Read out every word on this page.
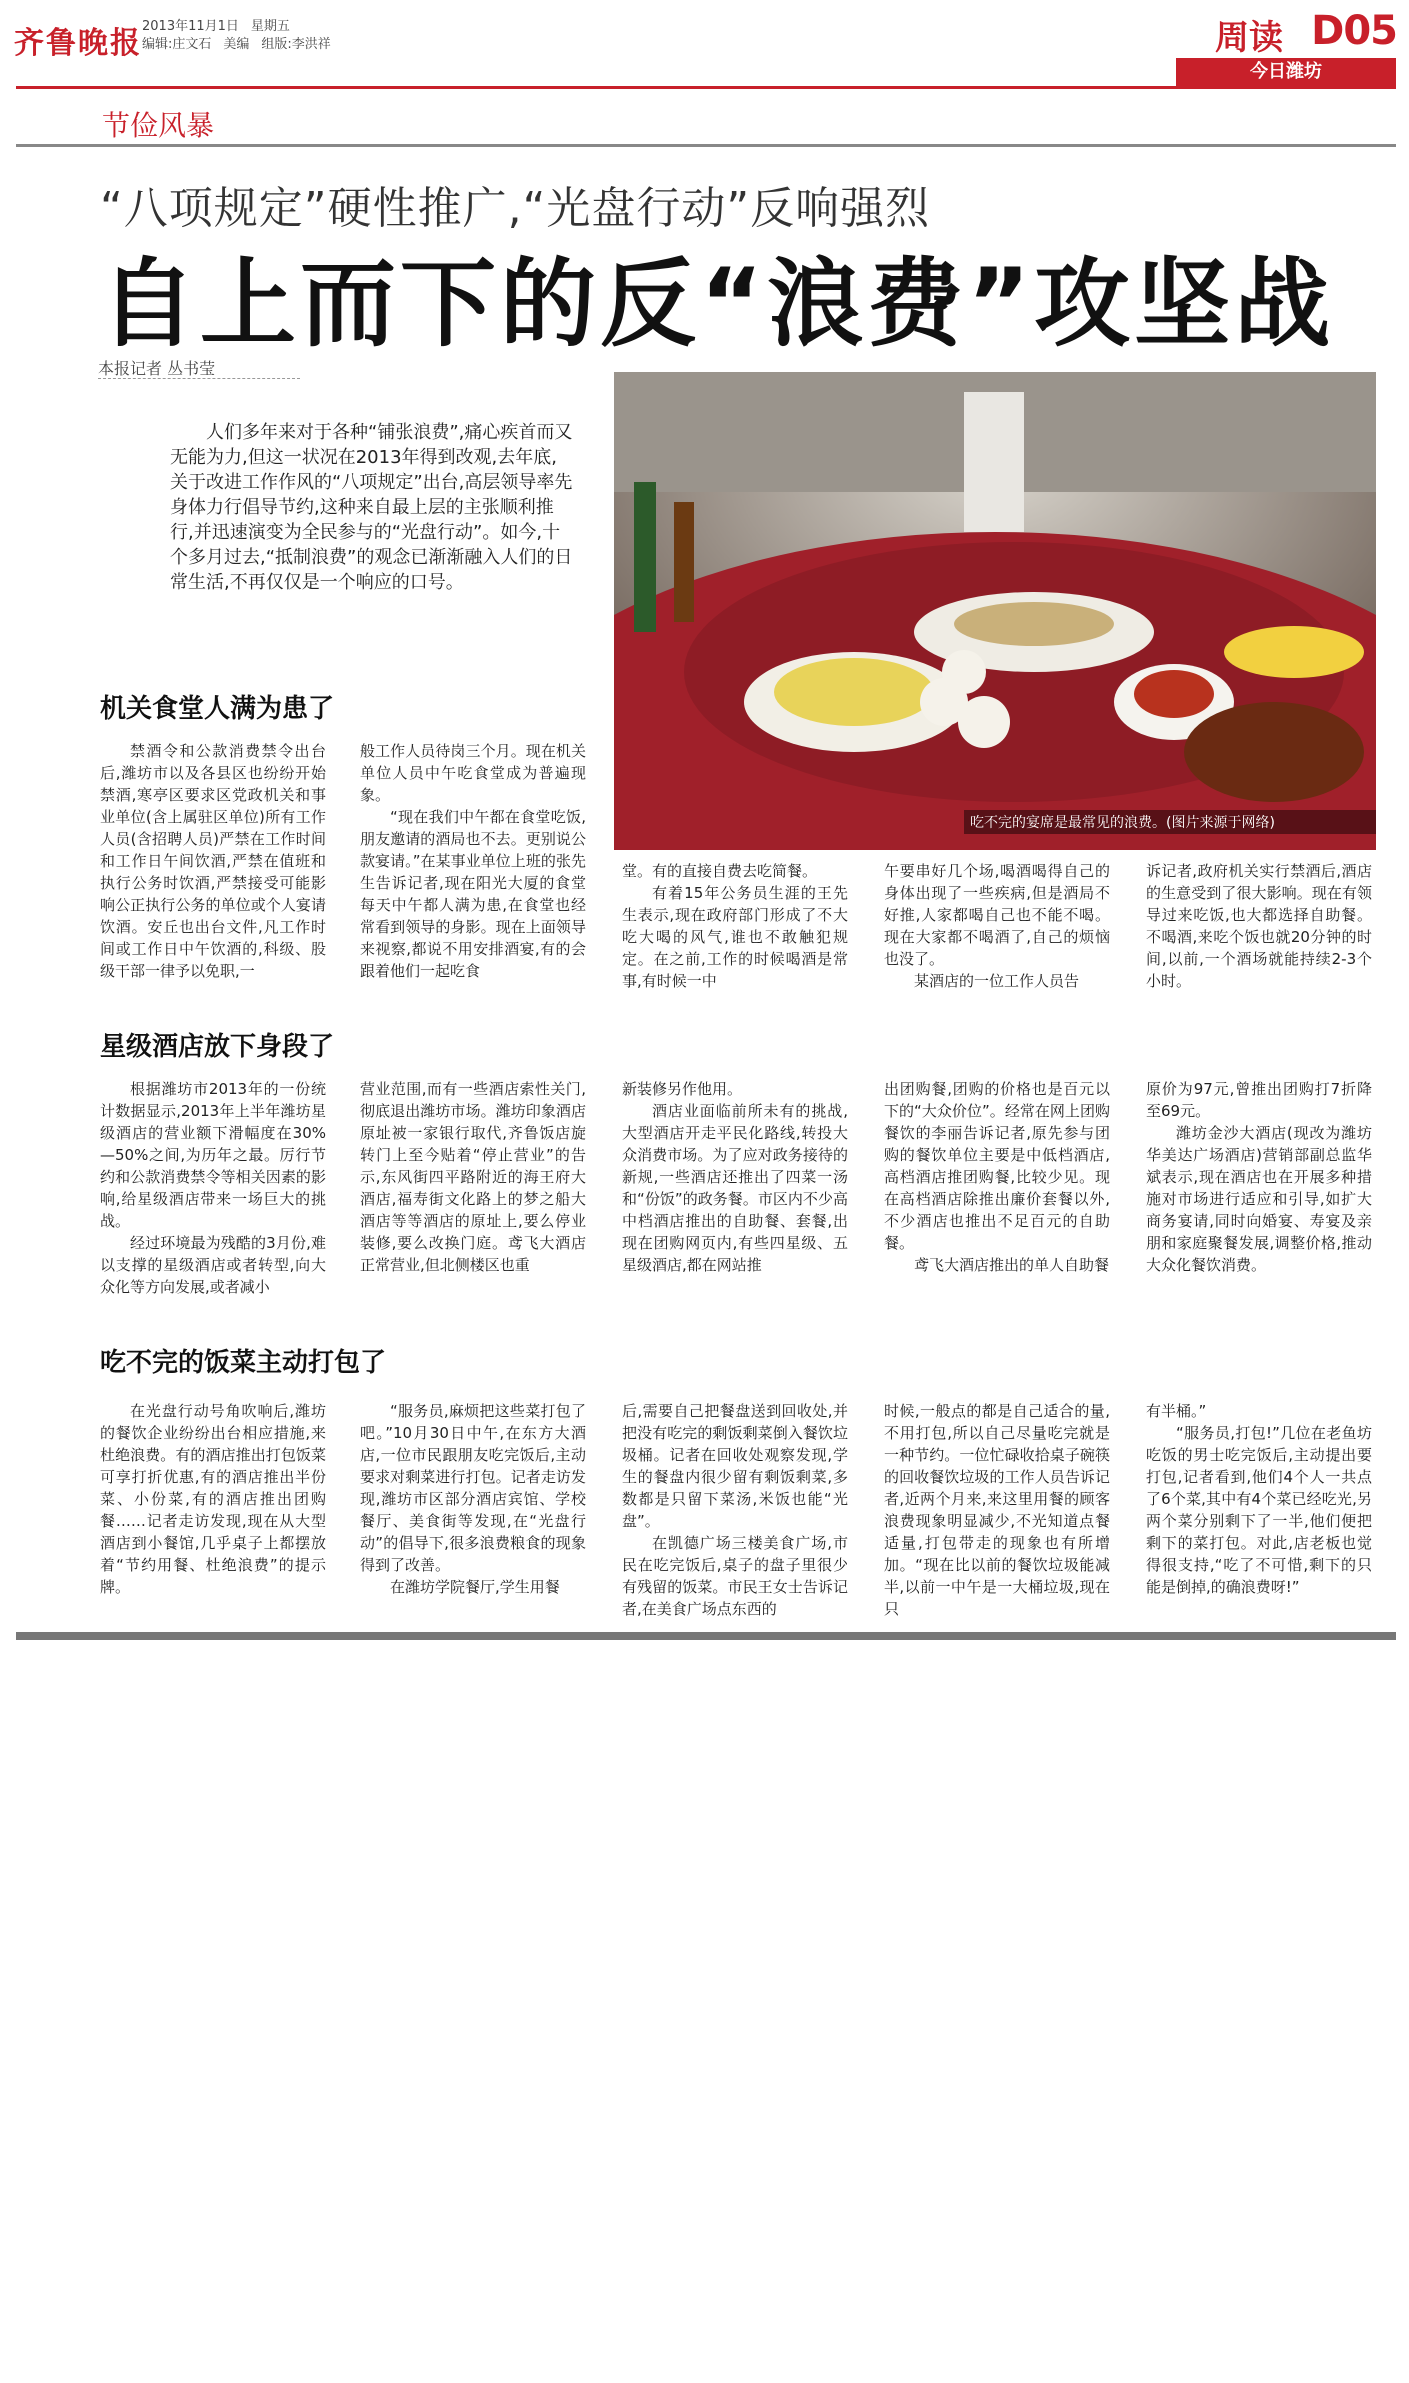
齐鲁晚报 2013年11月1日 星期五
编辑:庄文石 美编 组版:李洪祥	周读 D05
今日潍坊
节俭风暴
“八项规定”硬性推广,“光盘行动”反响强烈
自上而下的反“浪费”攻坚战
本报记者 丛书莹
人们多年来对于各种“铺张浪费”,痛心疾首而又无能为力,但这一状况在2013年得到改观,去年底,关于改进工作作风的“八项规定”出台,高层领导率先身体力行倡导节约,这种来自最上层的主张顺利推行,并迅速演变为全民参与的“光盘行动”。如今,十个多月过去,“抵制浪费”的观念已渐渐融入人们的日常生活,不再仅仅是一个响应的口号。
吃不完的宴席是最常见的浪费。(图片来源于网络)
机关食堂人满为患了

禁酒令和公款消费禁令出台后,潍坊市以及各县区也纷纷开始禁酒,寒亭区要求区党政机关和事业单位(含上属驻区单位)所有工作人员(含招聘人员)严禁在工作时间和工作日午间饮酒,严禁在值班和执行公务时饮酒,严禁接受可能影响公正执行公务的单位或个人宴请饮酒。安丘也出台文件,凡工作时间或工作日中午饮酒的,科级、股级干部一律予以免职,一

般工作人员待岗三个月。现在机关单位人员中午吃食堂成为普遍现象。

“现在我们中午都在食堂吃饭,朋友邀请的酒局也不去。更别说公款宴请。”在某事业单位上班的张先生告诉记者,现在阳光大厦的食堂每天中午都人满为患,在食堂也经常看到领导的身影。现在上面领导来视察,都说不用安排酒宴,有的会跟着他们一起吃食

堂。有的直接自费去吃简餐。

有着15年公务员生涯的王先生表示,现在政府部门形成了不大吃大喝的风气,谁也不敢触犯规定。在之前,工作的时候喝酒是常事,有时候一中

午要串好几个场,喝酒喝得自己的身体出现了一些疾病,但是酒局不好推,人家都喝自己也不能不喝。现在大家都不喝酒了,自己的烦恼也没了。

某酒店的一位工作人员告

诉记者,政府机关实行禁酒后,酒店的生意受到了很大影响。现在有领导过来吃饭,也大都选择自助餐。不喝酒,来吃个饭也就20分钟的时间,以前,一个酒场就能持续2-3个小时。

星级酒店放下身段了

根据潍坊市2013年的一份统计数据显示,2013年上半年潍坊星级酒店的营业额下滑幅度在30%—50%之间,为历年之最。厉行节约和公款消费禁令等相关因素的影响,给星级酒店带来一场巨大的挑战。

经过环境最为残酷的3月份,难以支撑的星级酒店或者转型,向大众化等方向发展,或者减小

营业范围,而有一些酒店索性关门,彻底退出潍坊市场。潍坊印象酒店原址被一家银行取代,齐鲁饭店旋转门上至今贴着“停止营业”的告示,东风街四平路附近的海王府大酒店,福寿街文化路上的梦之船大酒店等等酒店的原址上,要么停业装修,要么改换门庭。鸢飞大酒店正常营业,但北侧楼区也重

新装修另作他用。

酒店业面临前所未有的挑战,大型酒店开走平民化路线,转投大众消费市场。为了应对政务接待的新规,一些酒店还推出了四菜一汤和“份饭”的政务餐。市区内不少高中档酒店推出的自助餐、套餐,出现在团购网页内,有些四星级、五星级酒店,都在网站推

出团购餐,团购的价格也是百元以下的“大众价位”。经常在网上团购餐饮的李丽告诉记者,原先参与团购的餐饮单位主要是中低档酒店,高档酒店推团购餐,比较少见。现在高档酒店除推出廉价套餐以外,不少酒店也推出不足百元的自助餐。

鸢飞大酒店推出的单人自助餐

原价为97元,曾推出团购打7折降至69元。

潍坊金沙大酒店(现改为潍坊华美达广场酒店)营销部副总监华斌表示,现在酒店也在开展多种措施对市场进行适应和引导,如扩大商务宴请,同时向婚宴、寿宴及亲朋和家庭聚餐发展,调整价格,推动大众化餐饮消费。

吃不完的饭菜主动打包了

在光盘行动号角吹响后,潍坊的餐饮企业纷纷出台相应措施,来杜绝浪费。有的酒店推出打包饭菜可享打折优惠,有的酒店推出半份菜、小份菜,有的酒店推出团购餐……记者走访发现,现在从大型酒店到小餐馆,几乎桌子上都摆放着“节约用餐、杜绝浪费”的提示牌。

“服务员,麻烦把这些菜打包了吧。”10月30日中午,在东方大酒店,一位市民跟朋友吃完饭后,主动要求对剩菜进行打包。记者走访发现,潍坊市区部分酒店宾馆、学校餐厅、美食街等发现,在“光盘行动”的倡导下,很多浪费粮食的现象得到了改善。

在潍坊学院餐厅,学生用餐

后,需要自己把餐盘送到回收处,并把没有吃完的剩饭剩菜倒入餐饮垃圾桶。记者在回收处观察发现,学生的餐盘内很少留有剩饭剩菜,多数都是只留下菜汤,米饭也能“光盘”。

在凯德广场三楼美食广场,市民在吃完饭后,桌子的盘子里很少有残留的饭菜。市民王女士告诉记者,在美食广场点东西的

时候,一般点的都是自己适合的量,不用打包,所以自己尽量吃完就是一种节约。一位忙碌收拾桌子碗筷的回收餐饮垃圾的工作人员告诉记者,近两个月来,来这里用餐的顾客浪费现象明显减少,不光知道点餐适量,打包带走的现象也有所增加。“现在比以前的餐饮垃圾能减半,以前一中午是一大桶垃圾,现在只

有半桶。”

“服务员,打包!”几位在老鱼坊吃饭的男士吃完饭后,主动提出要打包,记者看到,他们4个人一共点了6个菜,其中有4个菜已经吃光,另两个菜分别剩下了一半,他们便把剩下的菜打包。对此,店老板也觉得很支持,“吃了不可惜,剩下的只能是倒掉,的确浪费呀!”
